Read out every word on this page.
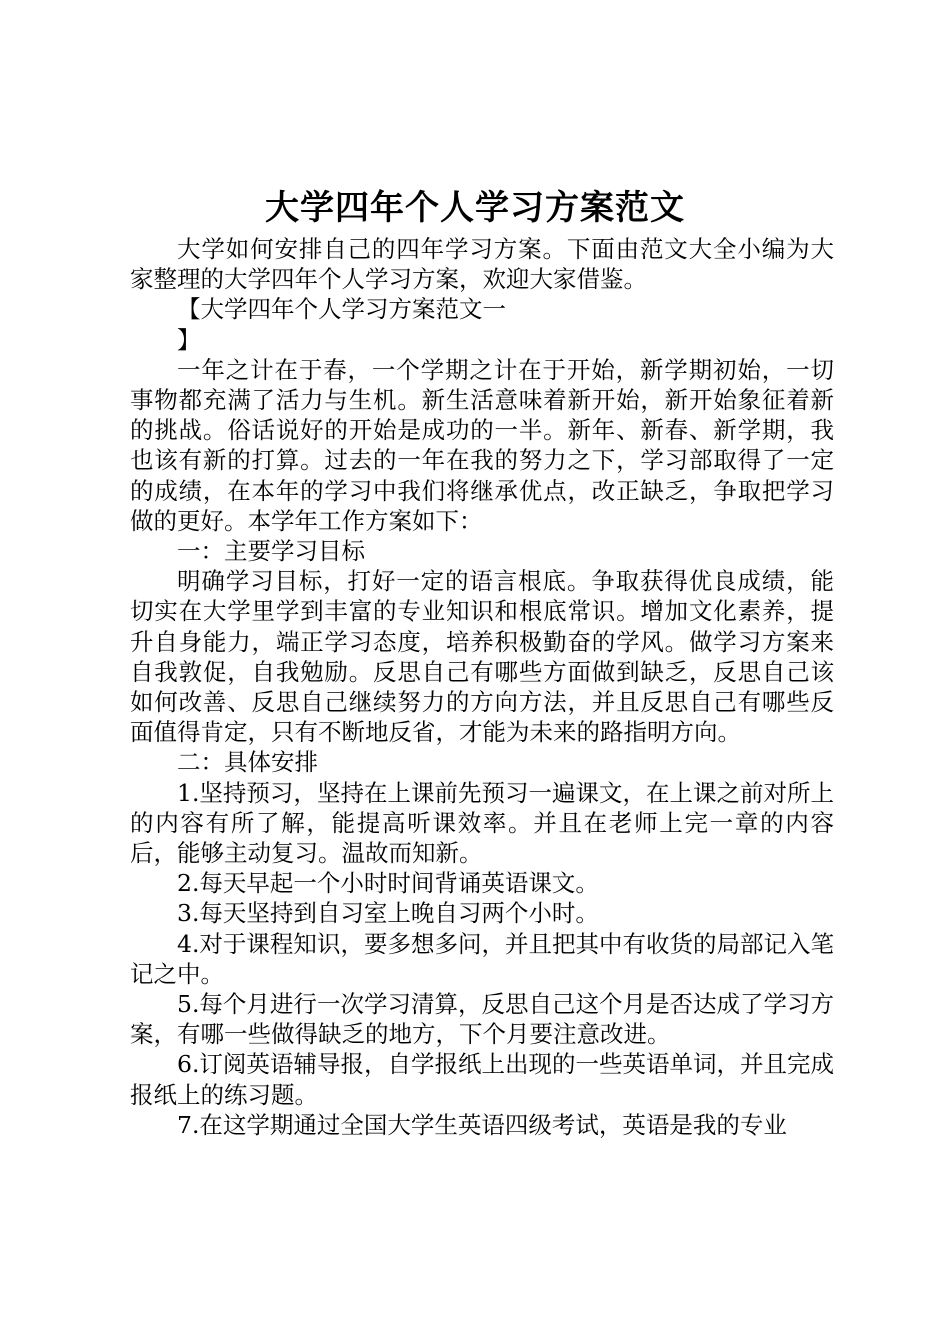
大学四年个人学习方案范文

大学如何安排自己的四年学习方案。下面由范文大全小编为大家整理的大学四年个人学习方案，欢迎大家借鉴。

【大学四年个人学习方案范文一

】

一年之计在于春，一个学期之计在于开始，新学期初始，一切事物都充满了活力与生机。新生活意味着新开始，新开始象征着新的挑战。俗话说好的开始是成功的一半。新年、新春、新学期，我也该有新的打算。过去的一年在我的努力之下，学习部取得了一定的成绩，在本年的学习中我们将继承优点，改正缺乏，争取把学习做的更好。本学年工作方案如下：

一：主要学习目标

明确学习目标，打好一定的语言根底。争取获得优良成绩，能切实在大学里学到丰富的专业知识和根底常识。增加文化素养，提升自身能力，端正学习态度，培养积极勤奋的学风。做学习方案来自我敦促，自我勉励。反思自己有哪些方面做到缺乏，反思自己该如何改善、反思自己继续努力的方向方法，并且反思自己有哪些反面值得肯定，只有不断地反省，才能为未来的路指明方向。

二：具体安排

1.坚持预习，坚持在上课前先预习一遍课文，在上课之前对所上的内容有所了解，能提高听课效率。并且在老师上完一章的内容后，能够主动复习。温故而知新。

2.每天早起一个小时时间背诵英语课文。

3.每天坚持到自习室上晚自习两个小时。

4.对于课程知识，要多想多问，并且把其中有收货的局部记入笔记之中。

5.每个月进行一次学习清算，反思自己这个月是否达成了学习方案，有哪一些做得缺乏的地方，下个月要注意改进。

6.订阅英语辅导报，自学报纸上出现的一些英语单词，并且完成报纸上的练习题。

7.在这学期通过全国大学生英语四级考试，英语是我的专业
